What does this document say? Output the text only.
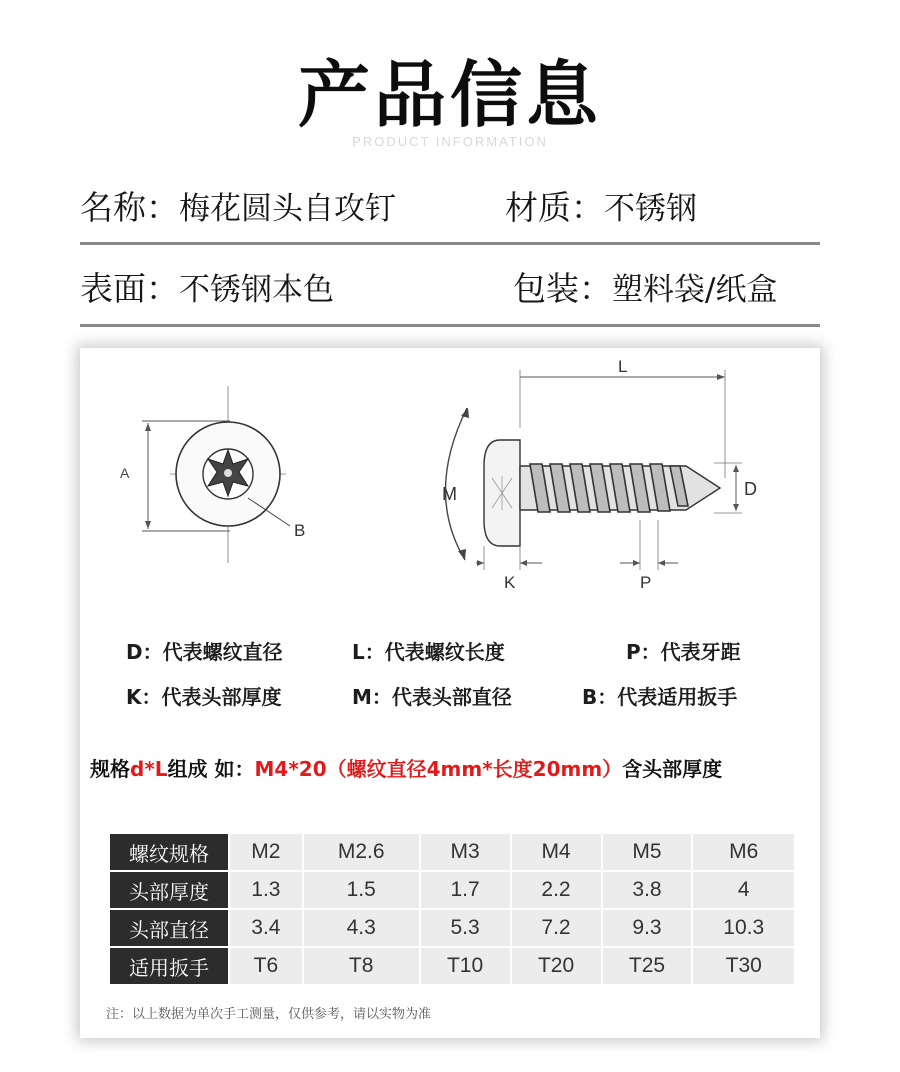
产品信息
PRODUCT INFORMATION
名称：梅花圆头自攻钉	材质：不锈钢
表面：不锈钢本色	包装：塑料袋/纸盒
A
B
L
M	D
K	P
D：代表螺纹直径	L：代表螺纹长度	P：代表牙距
K：代表头部厚度	M：代表头部直径	B：代表适用扳手
规格d*L组成 如：M4*20（螺纹直径4mm*长度20mm）含头部厚度
螺纹规格	M2	M2.6	M3	M4	M5	M6
头部厚度	1.3	1.5	1.7	2.2	3.8	4
头部直径	3.4	4.3	5.3	7.2	9.3	10.3
适用扳手	T6	T8	T10	T20	T25	T30
注：以上数据为单次手工测量，仅供参考，请以实物为准
